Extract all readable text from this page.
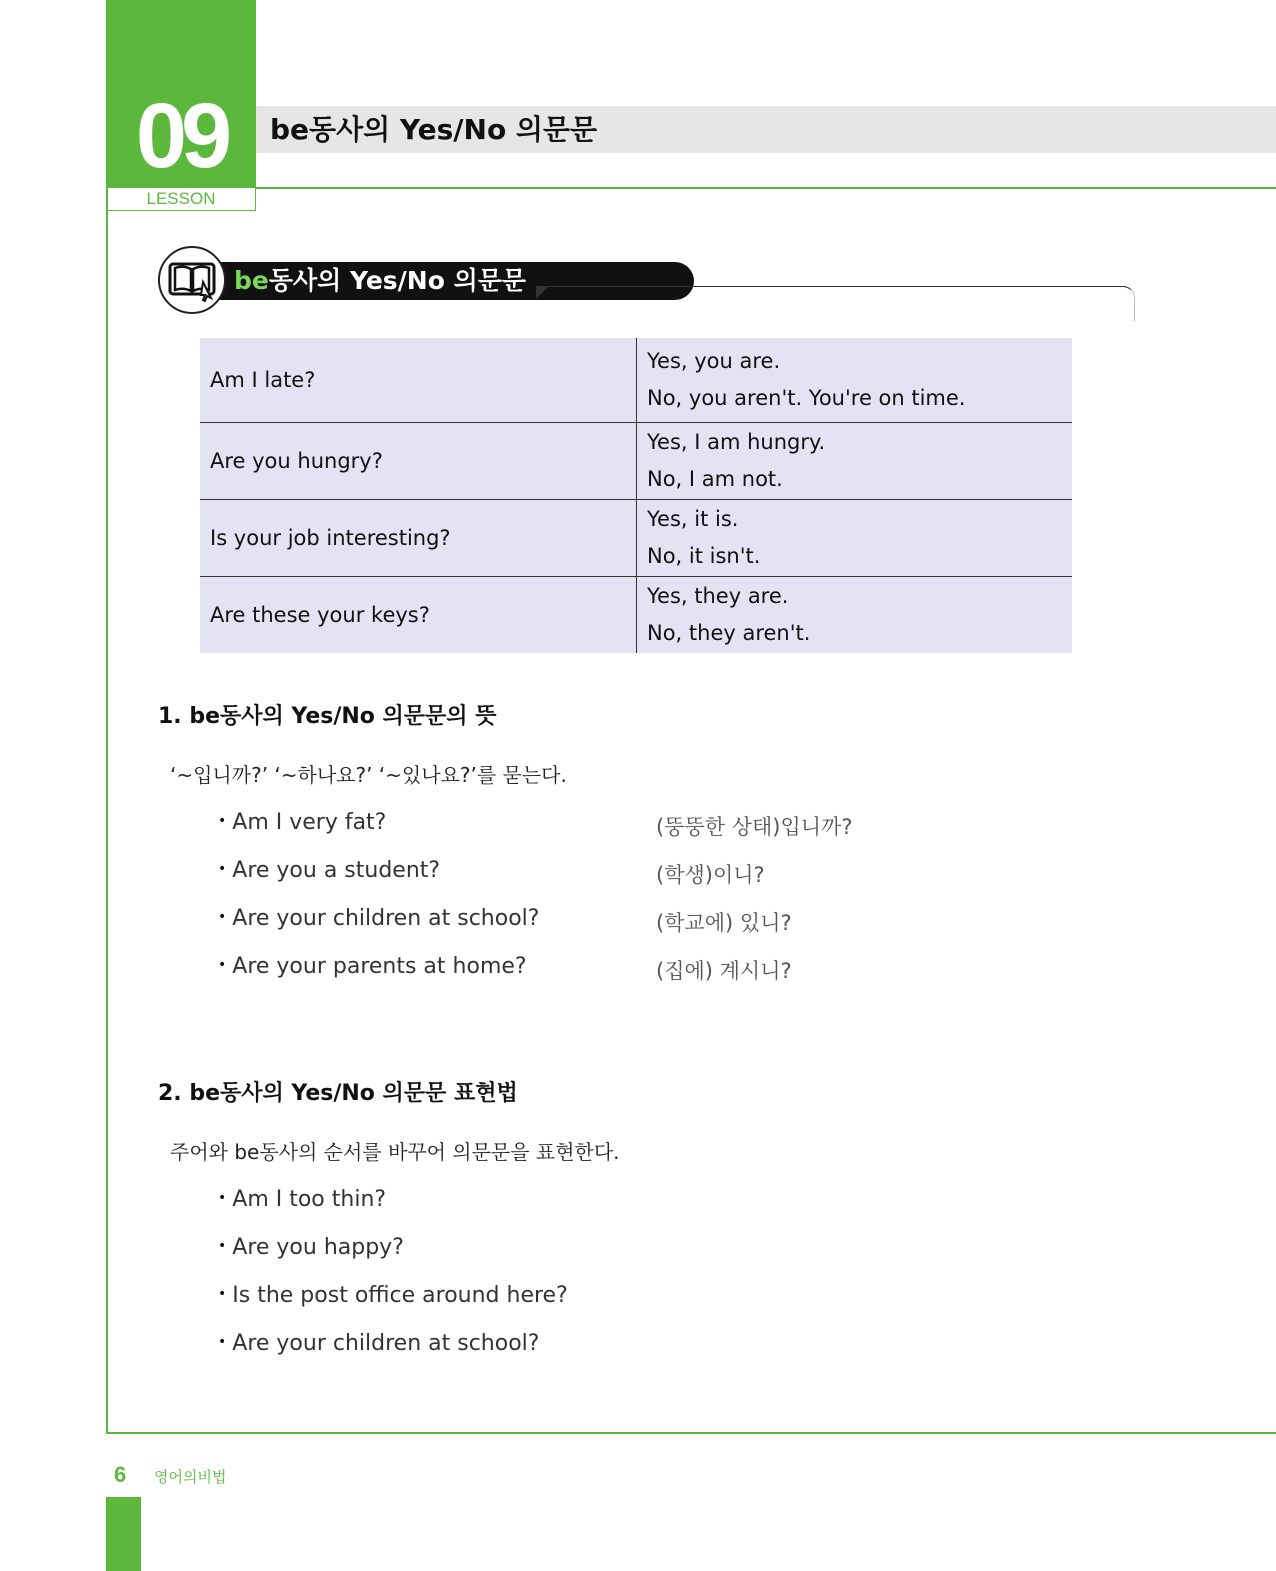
09
LESSON
be동사의 Yes/No 의문문
be동사의 Yes/No 의문문
Am I late?	Yes, you are.
No, you aren't. You're on time.

Are you hungry?	Yes, I am hungry.
No, I am not.

Is your job interesting?	Yes, it is.
No, it isn't.

Are these your keys?	Yes, they are.
No, they aren't.
1. be동사의 Yes/No 의문문의 뜻
‘~입니까?’ ‘~하나요?’ ‘~있나요?’를 묻는다.
• Am I very fat?	(뚱뚱한 상태)입니까?
• Are you a student?	(학생)이니?
• Are your children at school?	(학교에) 있니?
• Are your parents at home?	(집에) 계시니?
2. be동사의 Yes/No 의문문 표현법
주어와 be동사의 순서를 바꾸어 의문문을 표현한다.
• Am I too thin?
• Are you happy?
• Is the post office around here?
• Are your children at school?
6 영어의비법
